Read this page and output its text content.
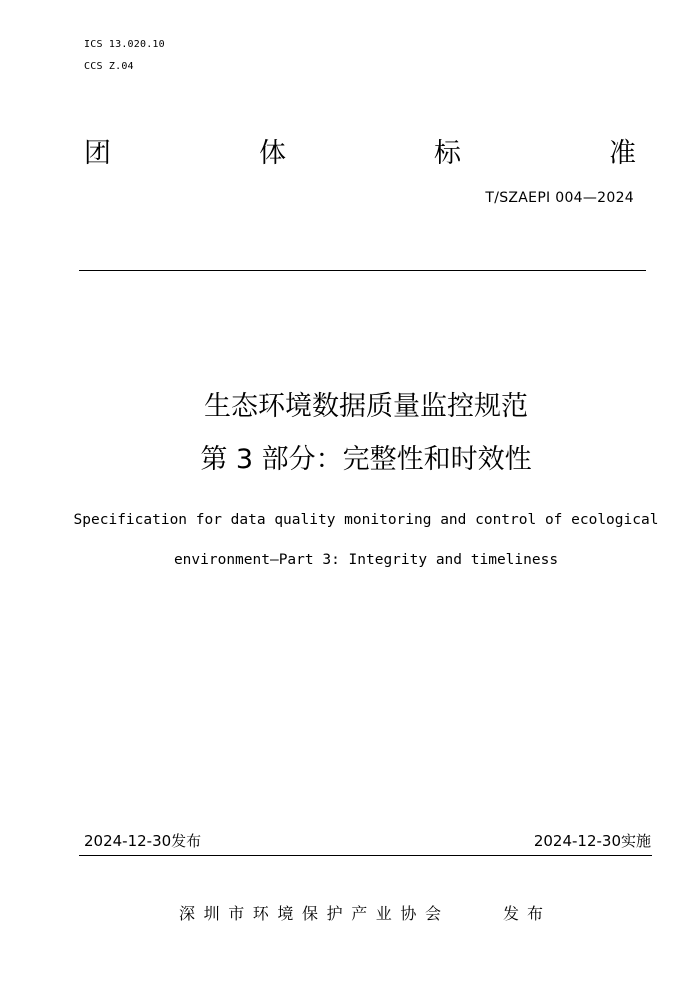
ICS 13.020.10
CCS Z.04
团	体	标	准
T/SZAEPI 004—2024
生态环境数据质量监控规范
第 3 部分：完整性和时效性
Specification for data quality monitoring and control of ecological
environment—Part 3: Integrity and timeliness
2024-12-30发布	2024-12-30实施
深圳市环境保护产业协会	发布
